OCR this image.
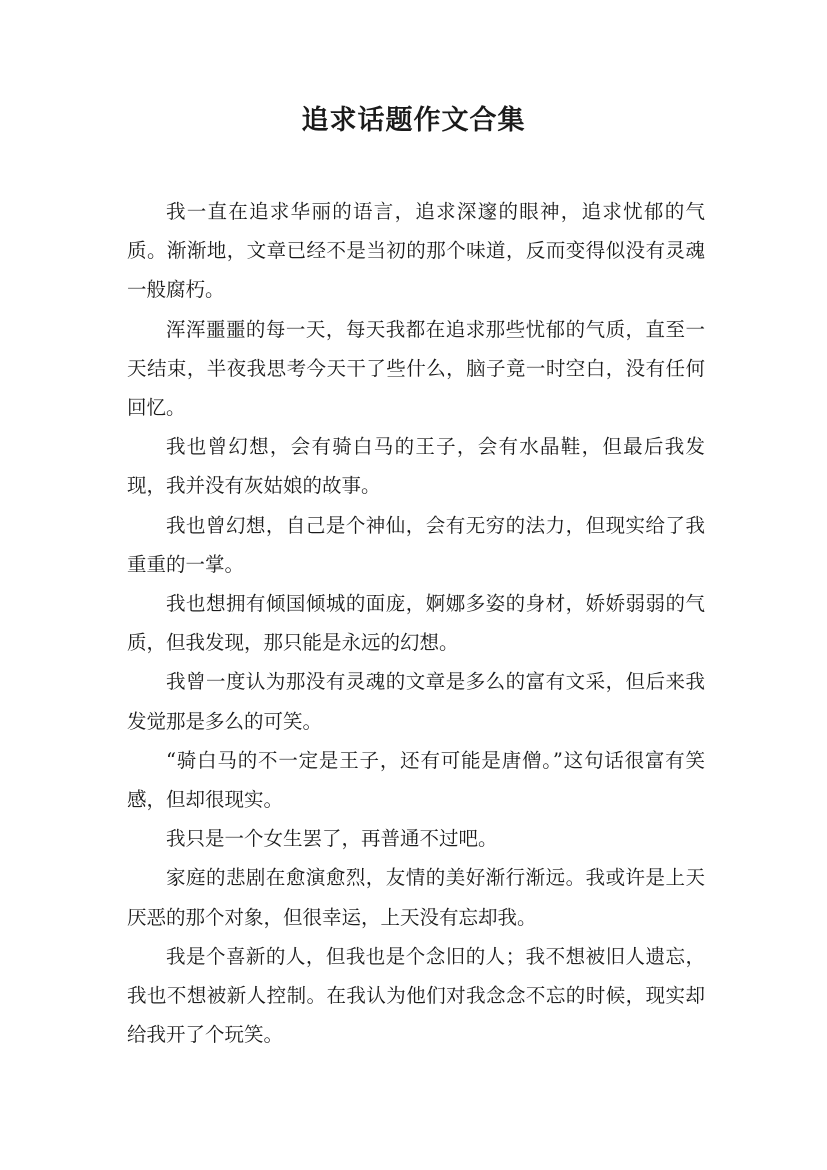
追求话题作文合集

我一直在追求华丽的语言，追求深邃的眼神，追求忧郁的气质。渐渐地，文章已经不是当初的那个味道，反而变得似没有灵魂一般腐朽。

浑浑噩噩的每一天，每天我都在追求那些忧郁的气质，直至一天结束，半夜我思考今天干了些什么，脑子竟一时空白，没有任何回忆。

我也曾幻想，会有骑白马的王子，会有水晶鞋，但最后我发现，我并没有灰姑娘的故事。

我也曾幻想，自己是个神仙，会有无穷的法力，但现实给了我重重的一掌。

我也想拥有倾国倾城的面庞，婀娜多姿的身材，娇娇弱弱的气质，但我发现，那只能是永远的幻想。

我曾一度认为那没有灵魂的文章是多么的富有文采，但后来我发觉那是多么的可笑。

“骑白马的不一定是王子，还有可能是唐僧。”这句话很富有笑感，但却很现实。

我只是一个女生罢了，再普通不过吧。

家庭的悲剧在愈演愈烈，友情的美好渐行渐远。我或许是上天厌恶的那个对象，但很幸运，上天没有忘却我。

我是个喜新的人，但我也是个念旧的人；我不想被旧人遗忘，我也不想被新人控制。在我认为他们对我念念不忘的时候，现实却给我开了个玩笑。
